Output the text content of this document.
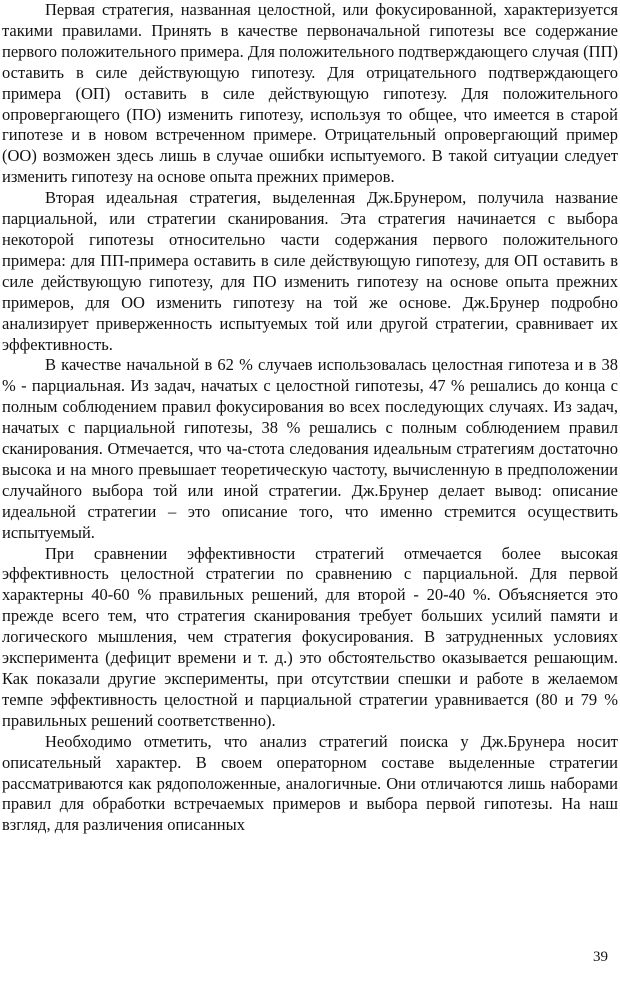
Первая стратегия, названная целостной, или фокусированной, характеризуется такими правилами. Принять в качестве первоначальной гипотезы все содержание первого положительного примера. Для положительного подтверждающего случая (ПП) оставить в силе действующую гипотезу. Для отрицательного подтверждающего примера (ОП) оставить в силе действующую гипотезу. Для положительного опровергающего (ПО) изменить гипотезу, используя то общее, что имеется в старой гипотезе и в новом встреченном примере. Отрицательный опровергающий пример (ОО) возможен здесь лишь в случае ошибки испытуемого. В такой ситуации следует изменить гипотезу на основе опыта прежних примеров.

Вторая идеальная стратегия, выделенная Дж.Брунером, получила название парциальной, или стратегии сканирования. Эта стратегия начинается с выбора некоторой гипотезы относительно части содержания первого положительного примера: для ПП-примера оставить в силе действующую гипотезу, для ОП оставить в силе действующую гипотезу, для ПО изменить гипотезу на основе опыта прежних примеров, для ОО изменить гипотезу на той же основе. Дж.Брунер подробно анализирует приверженность испытуемых той или другой стратегии, сравнивает их эффективность.

В качестве начальной в 62 % случаев использовалась целостная гипотеза и в 38 % - парциальная. Из задач, начатых с целостной гипотезы, 47 % решались до конца с полным соблюдением правил фокусирования во всех последующих случаях. Из задач, начатых с парциальной гипотезы, 38 % решались с полным соблюдением правил сканирования. Отмечается, что ча-стота следования идеальным стратегиям достаточно высока и на много превышает теоретическую частоту, вычисленную в предположении случайного выбора той или иной стратегии. Дж.Брунер делает вывод: описание идеальной стратегии – это описание того, что именно стремится осуществить испытуемый.

При сравнении эффективности стратегий отмечается более высокая эффективность целостной стратегии по сравнению с парциальной. Для первой характерны 40-60 % правильных решений, для второй - 20-40 %. Объясняется это прежде всего тем, что стратегия сканирования требует больших усилий памяти и логического мышления, чем стратегия фокусирования. В затрудненных условиях эксперимента (дефицит времени и т. д.) это обстоятельство оказывается решающим. Как показали другие эксперименты, при отсутствии спешки и работе в желаемом темпе эффективность целостной и парциальной стратегии уравнивается (80 и 79 % правильных решений соответственно).

Необходимо отметить, что анализ стратегий поиска у Дж.Брунера носит описательный характер. В своем операторном составе выделенные стратегии рассматриваются как рядоположенные, аналогичные. Они отличаются лишь наборами правил для обработки встречаемых примеров и выбора первой гипотезы. На наш взгляд, для различения описанных

39
